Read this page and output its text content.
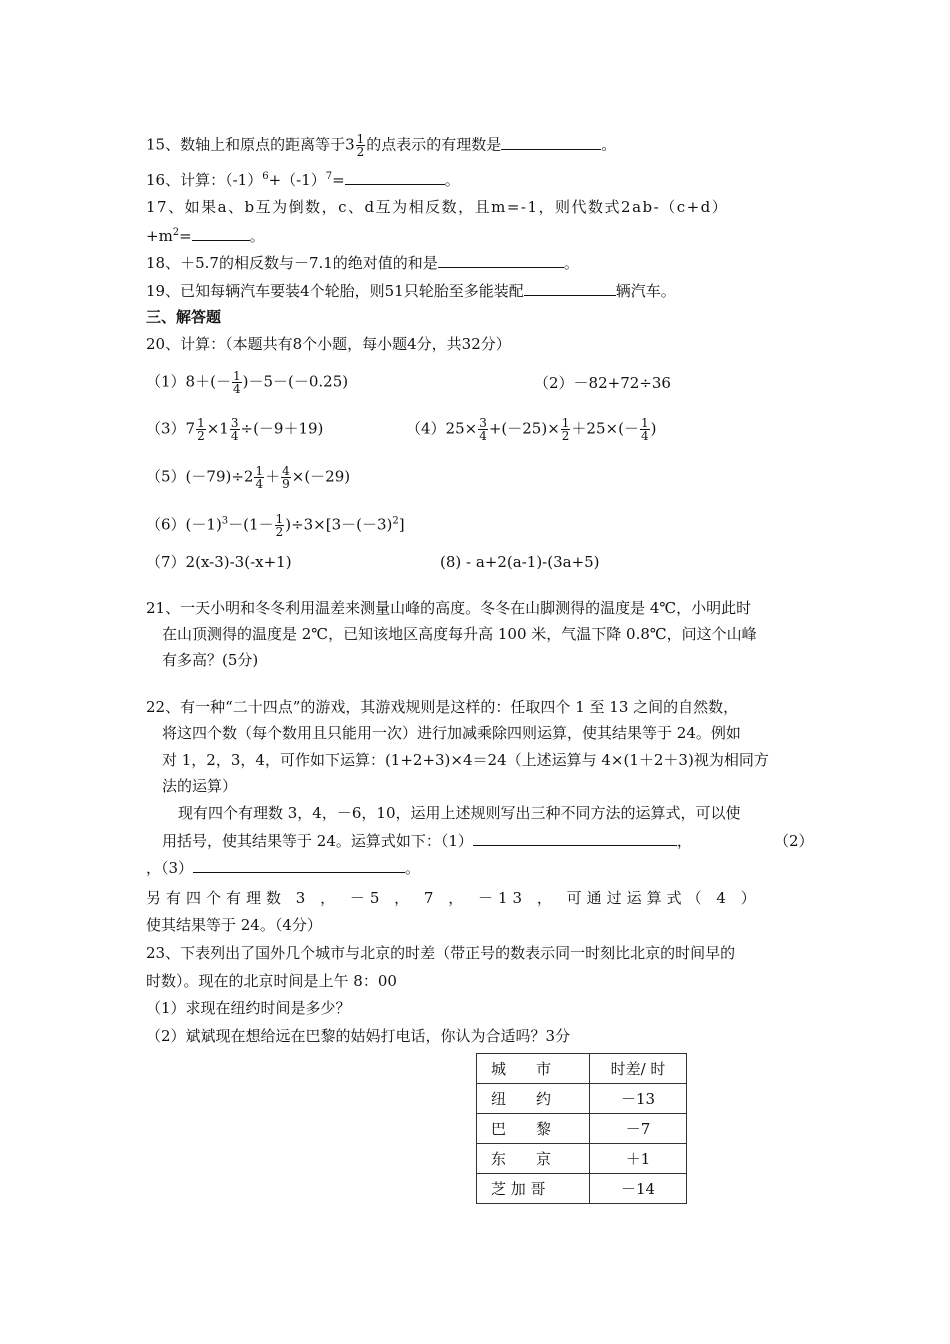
15、数轴上和原点的距离等于$3 \frac{1}{2}$ 的点表示的有理数是	。
16、计算：$(-1)^6+(-1)^7=$	。
17、如果a、b互为倒数，c、d互为相反数，且m=-1，则代数式2ab-（c+d）
$+m^2=$	。
18、＋5.7的相反数与－7.1的绝对值的和是	。
19、已知每辆汽车要装4个轮胎，则51只轮胎至多能装配	辆汽车。
三、解答题
20、计算：（本题共有8个小题，每小题4分，共32分）
$(1)8+(- \frac{1}{4} )-5-(-0.25)$	（2）－82+72÷36
$(3)7 \frac{1}{2} \times 1 \frac{3}{4} \div(-9+19)$	$(4)25\times \frac{3}{4} +(-25)\times \frac{1}{2} +25\times(- \frac{1}{4}$ )
$(5)(-79)\div 2 \frac{1}{4} + \frac{4}{9} \times(-29)$
$(6)(-1)^3-(1- \frac{1}{2} )\div 3\times[3-(-3)^2]$
（7）2(x-3)-3(-x+1)	(8) - a+2(a-1)-(3a+5)
21、一天小明和冬冬利用温差来测量山峰的高度。冬冬在山脚测得的温度是 4℃，小明此时
在山顶测得的温度是 2℃，已知该地区高度每升高 100 米，气温下降 0.8℃，问这个山峰
有多高？(5分)
22、有一种“二十四点”的游戏，其游戏规则是这样的：任取四个 1 至 13 之间的自然数，
将这四个数（每个数用且只能用一次）进行加减乘除四则运算，使其结果等于 24。例如
对 1，2，3，4，可作如下运算：(1+2+3)×4＝24（上述运算与 4×(1＋2＋3)视为相同方
法的运算）
现有四个有理数 3，4，－6，10，运用上述规则写出三种不同方法的运算式，可以使
用括号，使其结果等于 24。运算式如下：（1）	，	（2）
，（3）	。
另有四个有理数 3 ， －5 ， 7 ， －13 ， 可通过运算式（ 4 ）
使其结果等于 24。（4分）
23、下表列出了国外几个城市与北京的时差（带正号的数表示同一时刻比北京的时间早的
时数）。现在的北京时间是上午 8：00
（1）求现在纽约时间是多少？
（2）斌斌现在想给远在巴黎的姑妈打电话，你认为合适吗？3分
城　　市	时差/ 时
纽　　约	－13
巴　　黎	－7
东　　京	＋1
芝 加 哥	－14
